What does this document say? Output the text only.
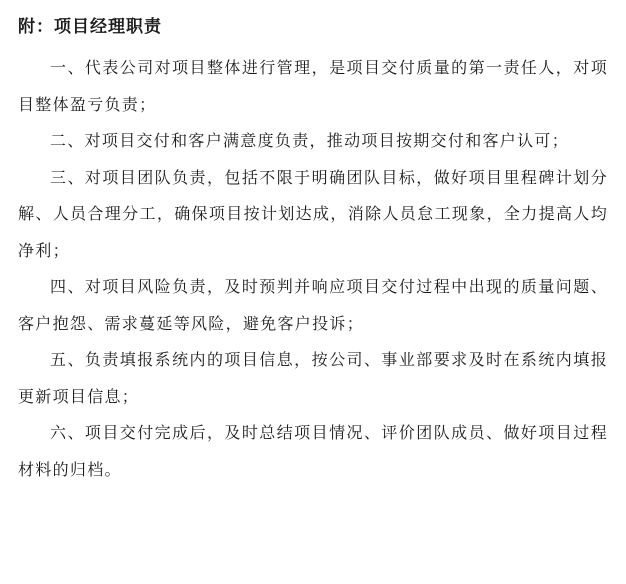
附：项目经理职责

一、代表公司对项目整体进行管理，是项目交付质量的第一责任人，对项目整体盈亏负责；

二、对项目交付和客户满意度负责，推动项目按期交付和客户认可；

三、对项目团队负责，包括不限于明确团队目标，做好项目里程碑计划分解、人员合理分工，确保项目按计划达成，消除人员怠工现象，全力提高人均净利；

四、对项目风险负责，及时预判并响应项目交付过程中出现的质量问题、客户抱怨、需求蔓延等风险，避免客户投诉；

五、负责填报系统内的项目信息，按公司、事业部要求及时在系统内填报更新项目信息；

六、项目交付完成后，及时总结项目情况、评价团队成员、做好项目过程材料的归档。
